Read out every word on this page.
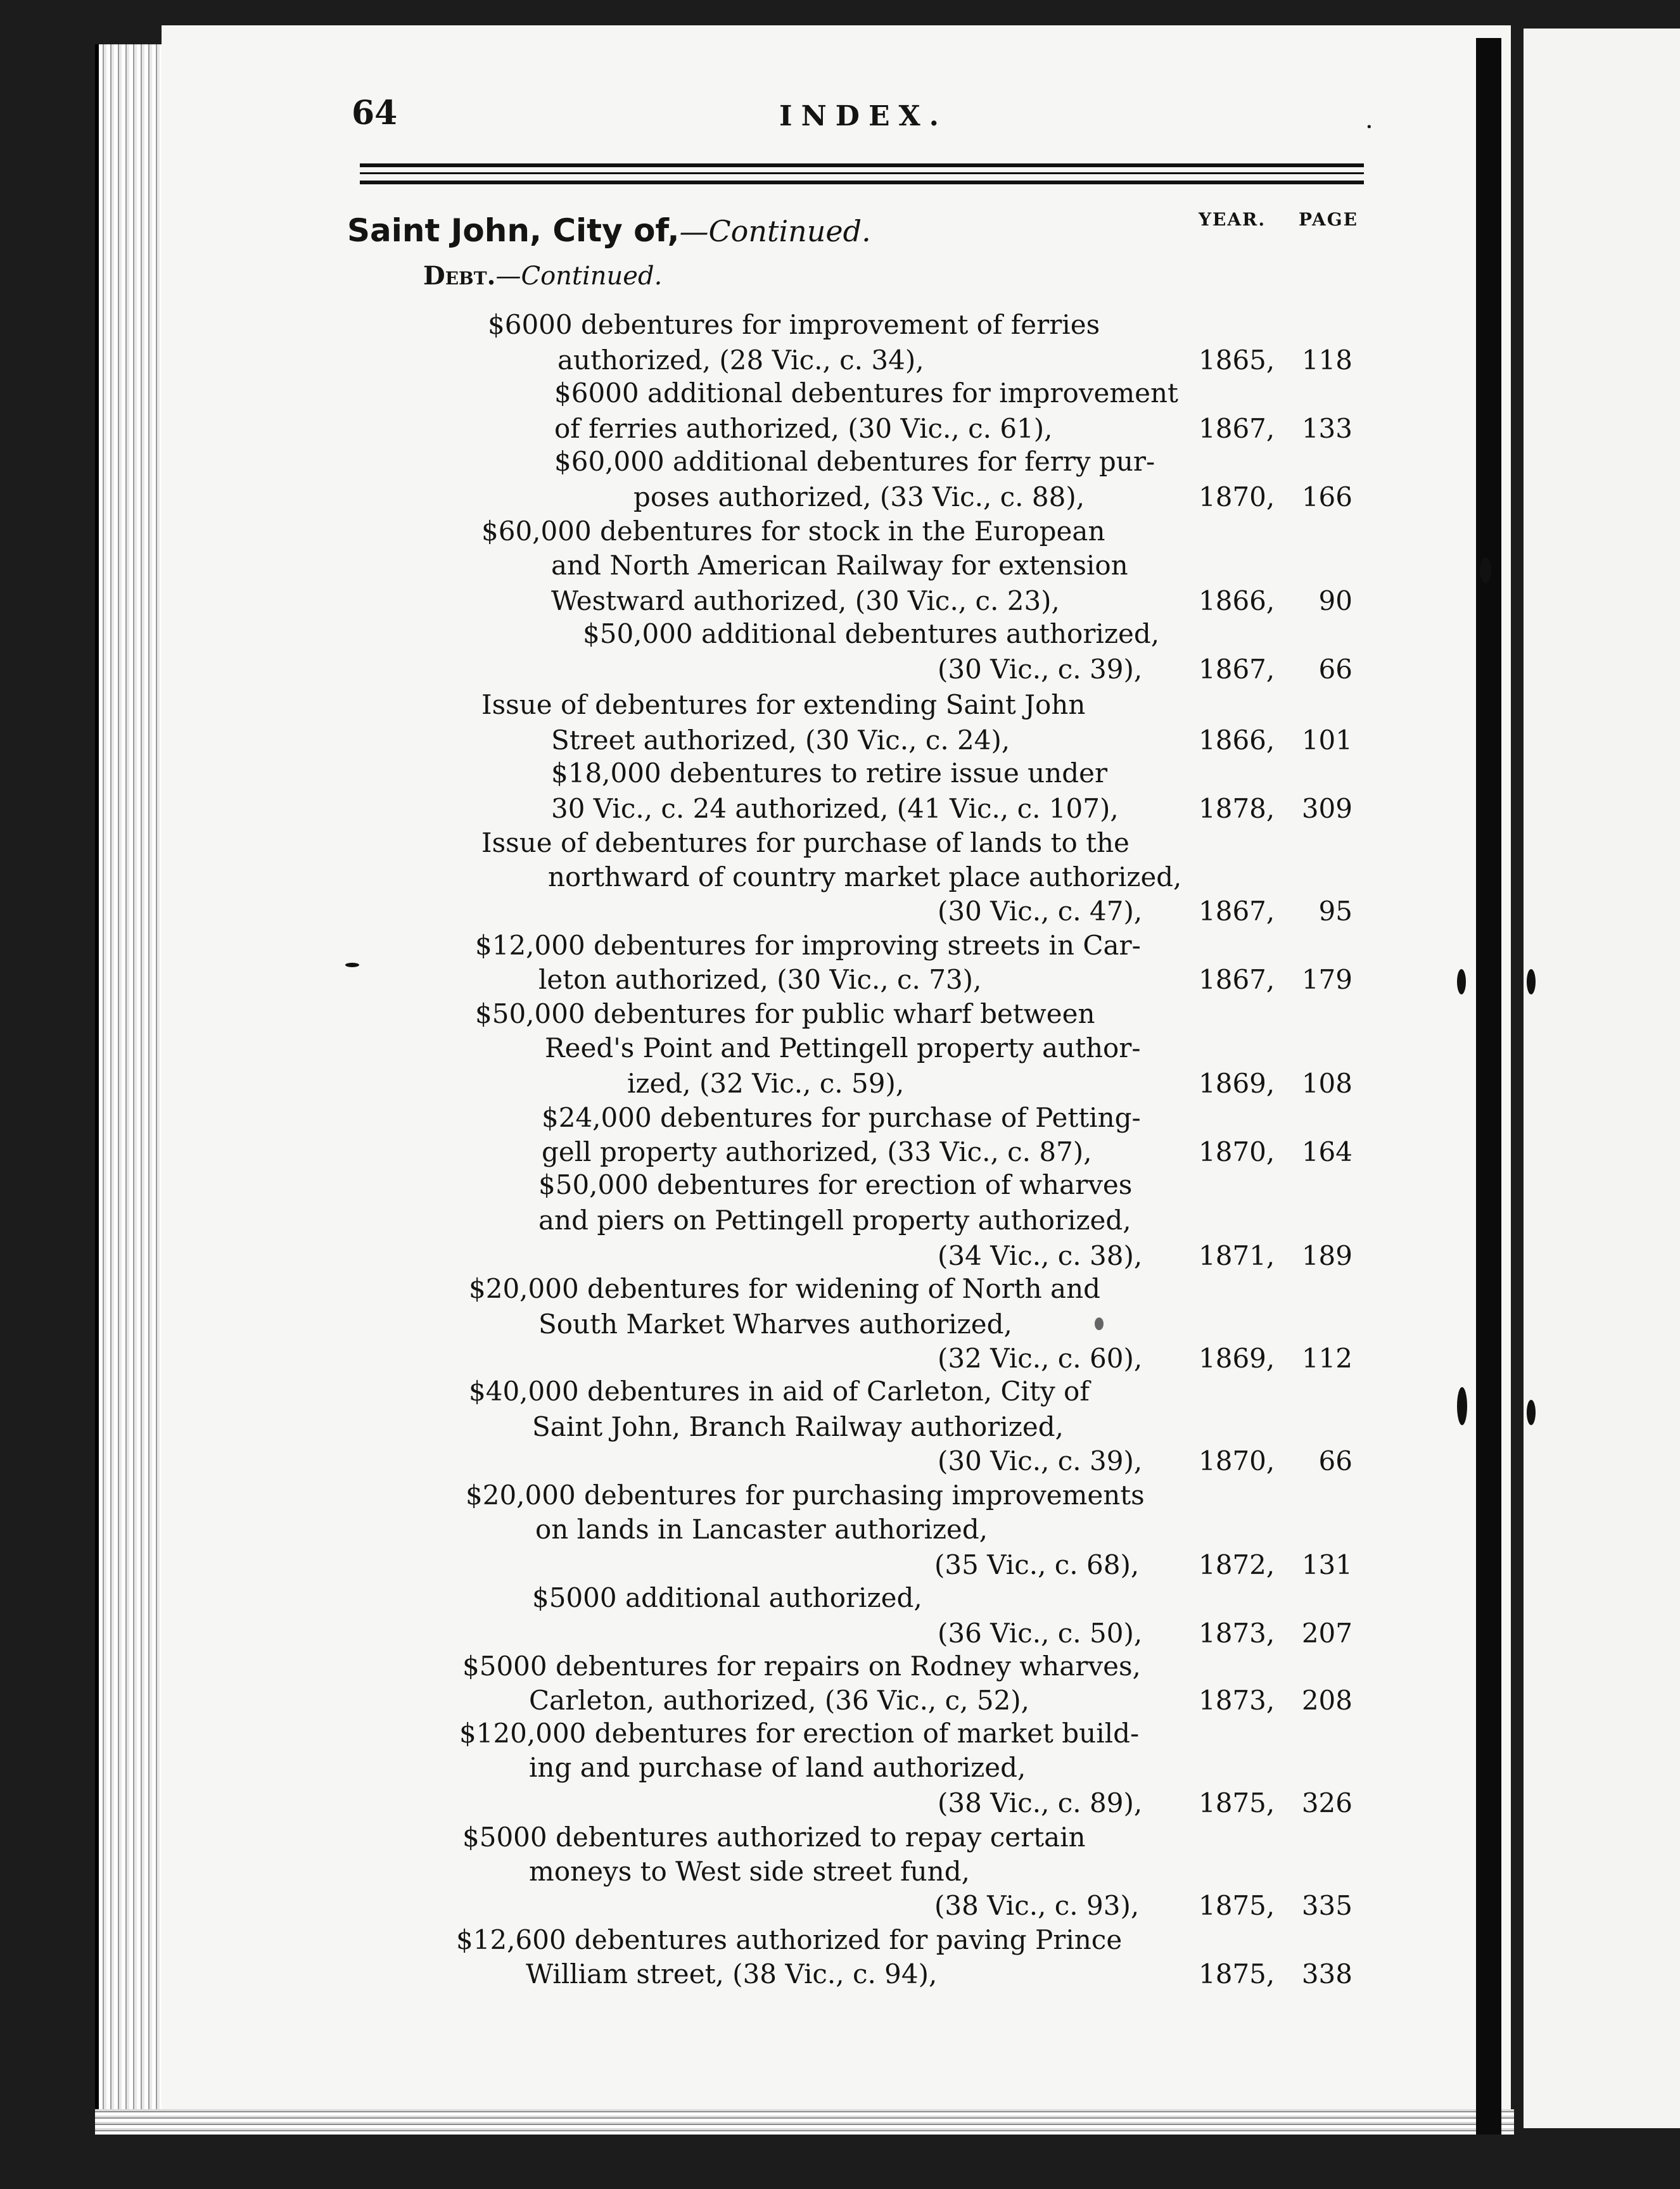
64	INDEX.	·
YEAR. PAGE
Saint John, City of,—Continued.
Debt.—Continued.
$6000 debentures for improvement of ferries
authorized, (28 Vic., c. 34),	1865, 118
$6000 additional debentures for improvement
of ferries authorized, (30 Vic., c. 61),	1867, 133
$60,000 additional debentures for ferry pur-
poses authorized, (33 Vic., c. 88),	1870, 166
$60,000 debentures for stock in the European
and North American Railway for extension
Westward authorized, (30 Vic., c. 23),	1866, 90
$50,000 additional debentures authorized,
(30 Vic., c. 39), 1867, 66
Issue of debentures for extending Saint John
Street authorized, (30 Vic., c. 24),	1866, 101
$18,000 debentures to retire issue under
30 Vic., c. 24 authorized, (41 Vic., c. 107),	1878, 309
Issue of debentures for purchase of lands to the
northward of country market place authorized,
(30 Vic., c. 47), 1867, 95
$12,000 debentures for improving streets in Car-
leton authorized, (30 Vic., c. 73),	1867, 179
$50,000 debentures for public wharf between
Reed's Point and Pettingell property author-
ized, (32 Vic., c. 59),	1869, 108
$24,000 debentures for purchase of Petting-
gell property authorized, (33 Vic., c. 87),	1870, 164
$50,000 debentures for erection of wharves
and piers on Pettingell property authorized,
(34 Vic., c. 38), 1871, 189
$20,000 debentures for widening of North and
South Market Wharves authorized,
(32 Vic., c. 60), 1869, 112
$40,000 debentures in aid of Carleton, City of
Saint John, Branch Railway authorized,
(30 Vic., c. 39), 1870, 66
$20,000 debentures for purchasing improvements
on lands in Lancaster authorized,
(35 Vic., c. 68), 1872, 131
$5000 additional authorized,
(36 Vic., c. 50), 1873, 207
$5000 debentures for repairs on Rodney wharves,
Carleton, authorized, (36 Vic., c, 52),	1873, 208
$120,000 debentures for erection of market build-
ing and purchase of land authorized,
(38 Vic., c. 89), 1875, 326
$5000 debentures authorized to repay certain
moneys to West side street fund,
(38 Vic., c. 93), 1875, 335
$12,600 debentures authorized for paving Prince
William street, (38 Vic., c. 94),	1875, 338
